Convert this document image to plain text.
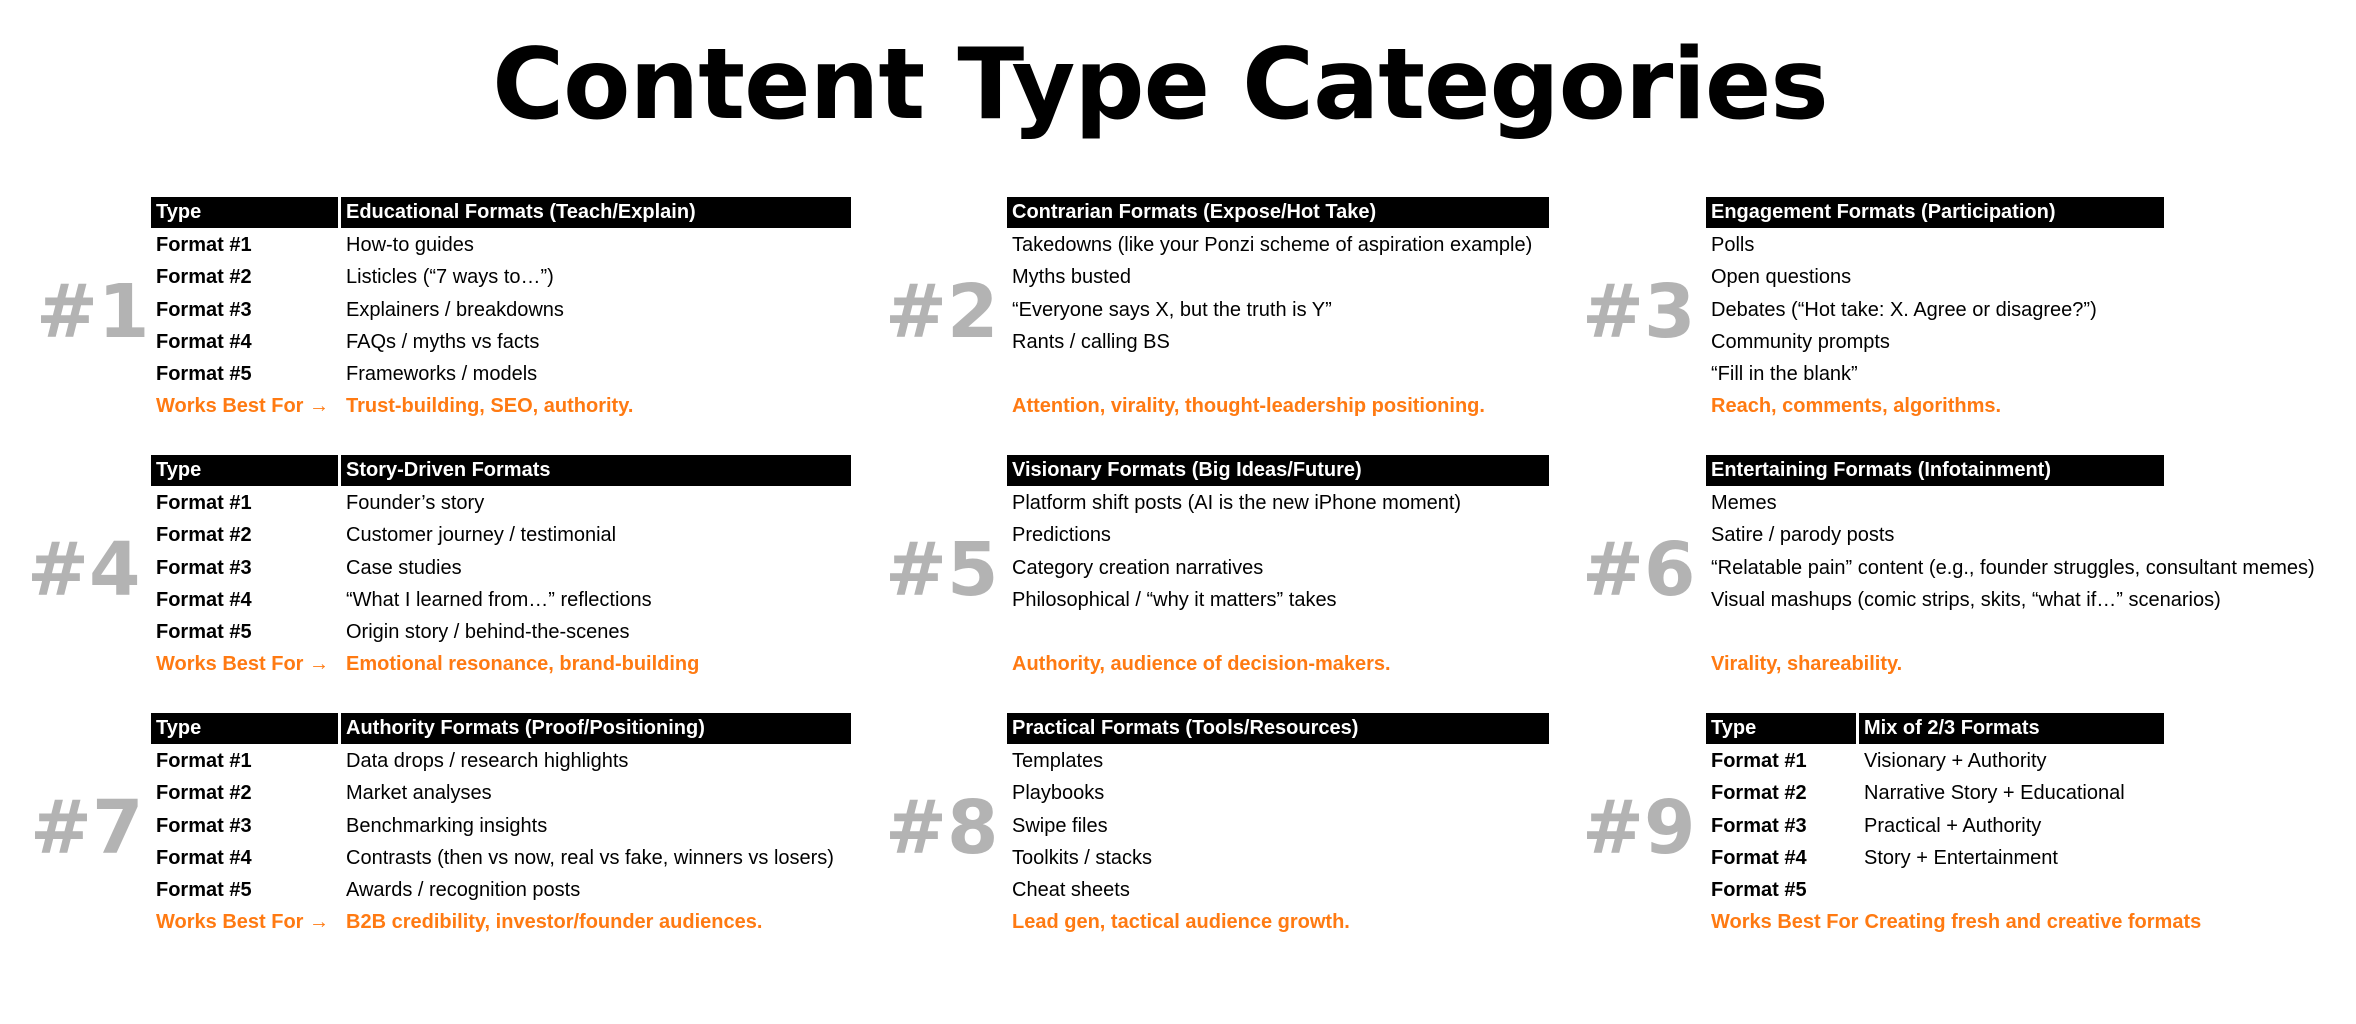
Content Type Categories
#1
Type	Educational Formats (Teach/Explain)
Format #1	How-to guides
Format #2	Listicles (“7 ways to…”)
Format #3	Explainers / breakdowns
Format #4	FAQs / myths vs facts
Format #5	Frameworks / models
Works Best For → Trust-building, SEO, authority.
#2
Contrarian Formats (Expose/Hot Take)
Takedowns (like your Ponzi scheme of aspiration example)
Myths busted
“Everyone says X, but the truth is Y”
Rants / calling BS
Attention, virality, thought-leadership positioning.
#3
Engagement Formats (Participation)
Polls
Open questions
Debates (“Hot take: X. Agree or disagree?”)
Community prompts
“Fill in the blank”
Reach, comments, algorithms.
#4
Type	Story-Driven Formats
Format #1	Founder’s story
Format #2	Customer journey / testimonial
Format #3	Case studies
Format #4	“What I learned from…” reflections
Format #5	Origin story / behind-the-scenes
Works Best For → Emotional resonance, brand-building
#5
Visionary Formats (Big Ideas/Future)
Platform shift posts (AI is the new iPhone moment)
Predictions
Category creation narratives
Philosophical / “why it matters” takes
Authority, audience of decision-makers.
#6
Entertaining Formats (Infotainment)
Memes
Satire / parody posts
“Relatable pain” content (e.g., founder struggles, consultant memes)
Visual mashups (comic strips, skits, “what if…” scenarios)
Virality, shareability.
#7
Type	Authority Formats (Proof/Positioning)
Format #1	Data drops / research highlights
Format #2	Market analyses
Format #3	Benchmarking insights
Format #4	Contrasts (then vs now, real vs fake, winners vs losers)
Format #5	Awards / recognition posts
Works Best For → B2B credibility, investor/founder audiences.
#8
Practical Formats (Tools/Resources)
Templates
Playbooks
Swipe files
Toolkits / stacks
Cheat sheets
Lead gen, tactical audience growth.
#9
Type	Mix of 2/3 Formats
Format #1	Visionary + Authority
Format #2	Narrative Story + Educational
Format #3	Practical + Authority
Format #4	Story + Entertainment
Format #5
Works Best For Creating fresh and creative formats
